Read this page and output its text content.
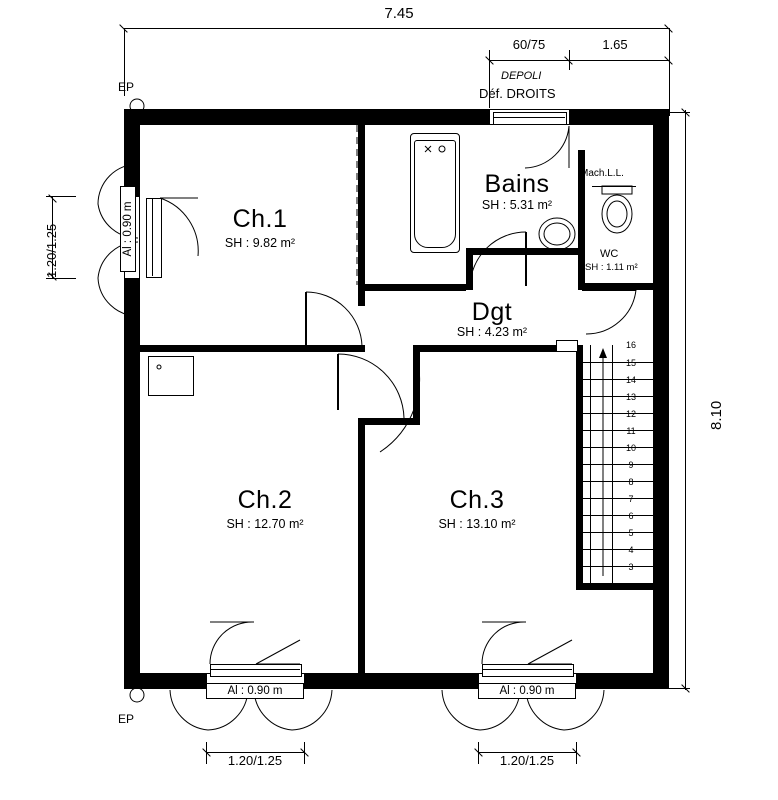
7.45
60/75	1.65
DEPOLI
Déf. DROITS
8.10
EP
EP
Mach.L.L.
16
15
14
13
12
11
10
9
8
7
6
5
4
3
Ch.1
SH : 9.82 m²
Ch.2
SH : 12.70 m²
Ch.3
SH : 13.10 m²
Bains
SH : 5.31 m²
Dgt
SH : 4.23 m²
WC
SH : 1.11 m²
Al : 0.90 m
Al : 0.90 m	Al : 0.90 m
1.20/1.25
1.20/1.25	1.20/1.25
